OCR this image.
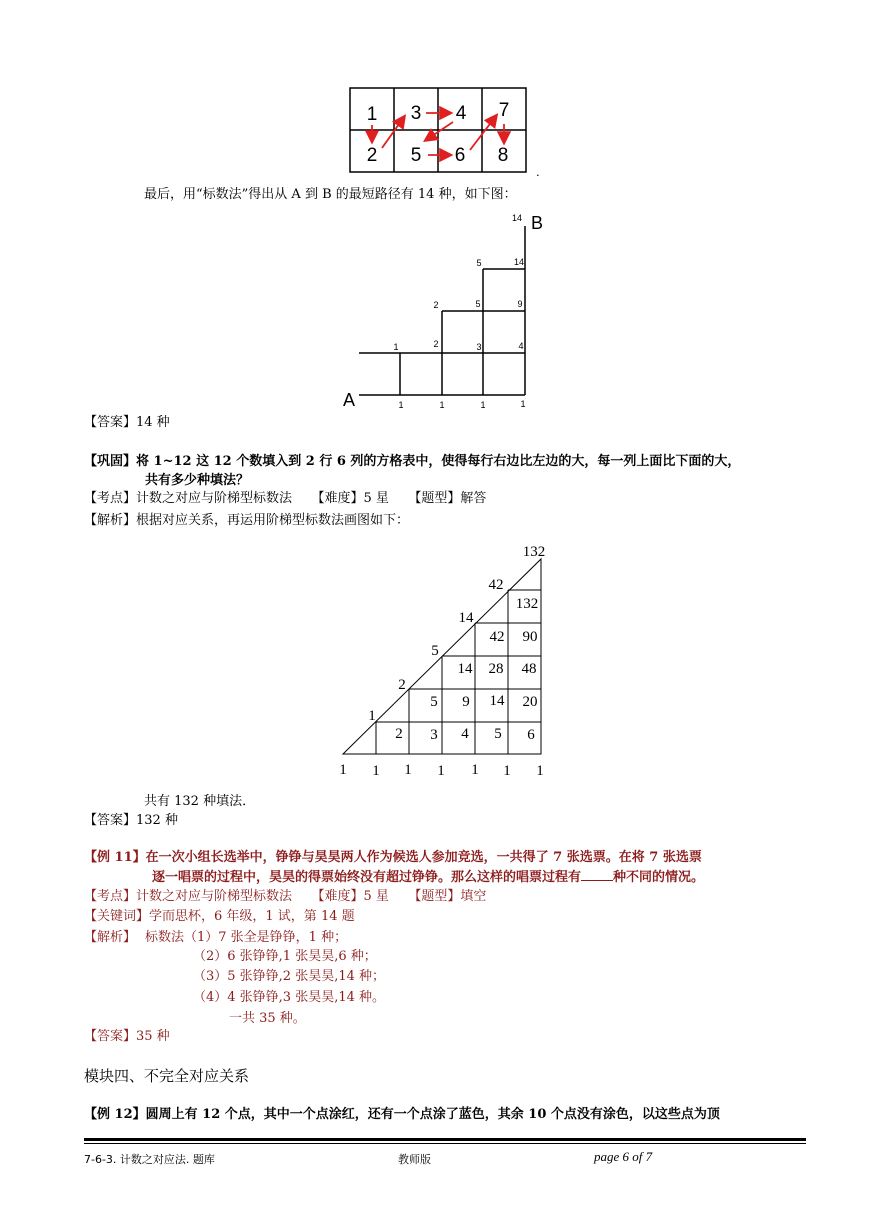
1 3 4 7
2 5 6 8
.
最后，用“标数法”得出从 A 到 B 的最短路径有 14 种，如下图：
1	1	1	1
1	2	3	4
2	5	9
5	14
14
A
B
【答案】14 种
【巩固】将 1~12 这 12 个数填入到 2 行 6 列的方格表中，使得每行右边比左边的大，每一列上面比下面的大，
共有多少种填法？
【考点】计数之对应与阶梯型标数法　　【难度】5 星　　【题型】解答
【解析】根据对应关系，再运用阶梯型标数法画图如下：
1 1 1 1 1 1 1
1
2
5
14
42
132
2 3 4 5 6
5 9 14 20
14 28 48
42 90
132
共有 132 种填法．
【答案】132 种
【例 11】在一次小组长选举中，铮铮与昊昊两人作为候选人参加竞选，一共得了 7 张选票。在将 7 张选票
逐一唱票的过程中，昊昊的得票始终没有超过铮铮。那么这样的唱票过程有 种不同的情况。
【考点】计数之对应与阶梯型标数法　　【难度】5 星　　【题型】填空
【关键词】学而思杯，6 年级，1 试，第 14 题
【解析】 标数法（1）7 张全是铮铮，1 种；
（2）6 张铮铮,1 张昊昊,6 种；
（3）5 张铮铮,2 张昊昊,14 种；
（4）4 张铮铮,3 张昊昊,14 种。
一共 35 种。
【答案】35 种
模块四、不完全对应关系
【例 12】圆周上有 12 个点，其中一个点涂红，还有一个点涂了蓝色，其余 10 个点没有涂色，以这些点为顶
7-6-3. 计数之对应法. 题库	教师版	page 6 of 7
